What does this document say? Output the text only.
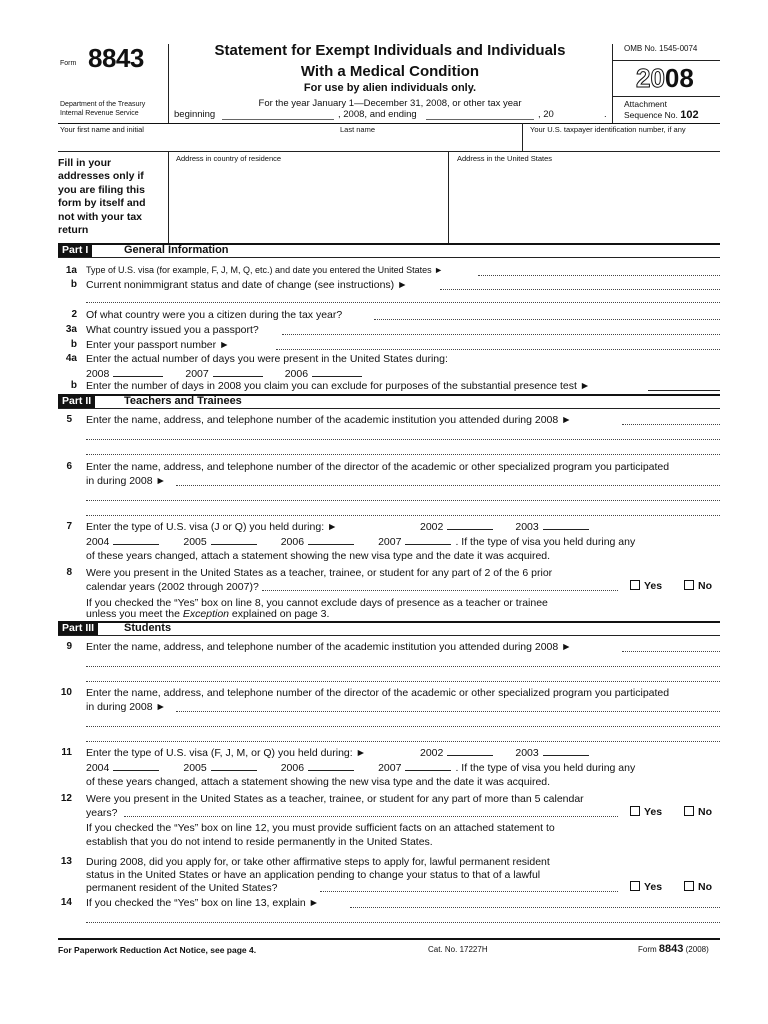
Form 8843
Department of the Treasury
Internal Revenue Service
Statement for Exempt Individuals and Individuals
With a Medical Condition
For use by alien individuals only.
For the year January 1—December 31, 2008, or other tax year
beginning	, 2008, and ending	, 20	.
OMB No. 1545-0074
2008
Attachment
Sequence No. 102
Your first name and initial	Last name	Your U.S. taxpayer identification number, if any
Fill in your
addresses only if
you are filing this
form by itself and
not with your tax
return
Address in country of residence	Address in the United States
Part I	General Information
1a Type of U.S. visa (for example, F, J, M, Q, etc.) and date you entered the United States ►
b Current nonimmigrant status and date of change (see instructions) ►
2 Of what country were you a citizen during the tax year?
3a What country issued you a passport?
b Enter your passport number ►
4a Enter the actual number of days you were present in the United States during:
2008	2007	2006
b Enter the number of days in 2008 you claim you can exclude for purposes of the substantial presence test ►
Part II	Teachers and Trainees
5 Enter the name, address, and telephone number of the academic institution you attended during 2008 ►
6 Enter the name, address, and telephone number of the director of the academic or other specialized program you participated
in during 2008 ►
7 Enter the type of U.S. visa (J or Q) you held during: ►	2002	2003
2004	2005	2006	2007	. If the type of visa you held during any
of these years changed, attach a statement showing the new visa type and the date it was acquired.
8 Were you present in the United States as a teacher, trainee, or student for any part of 2 of the 6 prior
calendar years (2002 through 2007)?	Yes	No
If you checked the “Yes” box on line 8, you cannot exclude days of presence as a teacher or trainee
unless you meet the Exception explained on page 3.
Part III	Students
9 Enter the name, address, and telephone number of the academic institution you attended during 2008 ►
10 Enter the name, address, and telephone number of the director of the academic or other specialized program you participated
in during 2008 ►
11 Enter the type of U.S. visa (F, J, M, or Q) you held during: ►	2002	2003
2004	2005	2006	2007	. If the type of visa you held during any
of these years changed, attach a statement showing the new visa type and the date it was acquired.
12 Were you present in the United States as a teacher, trainee, or student for any part of more than 5 calendar
years?	Yes	No
If you checked the “Yes” box on line 12, you must provide sufficient facts on an attached statement to
establish that you do not intend to reside permanently in the United States.
13 During 2008, did you apply for, or take other affirmative steps to apply for, lawful permanent resident
status in the United States or have an application pending to change your status to that of a lawful
permanent resident of the United States?	Yes	No
14 If you checked the “Yes” box on line 13, explain ►
For Paperwork Reduction Act Notice, see page 4.	Cat. No. 17227H	Form 8843 (2008)
